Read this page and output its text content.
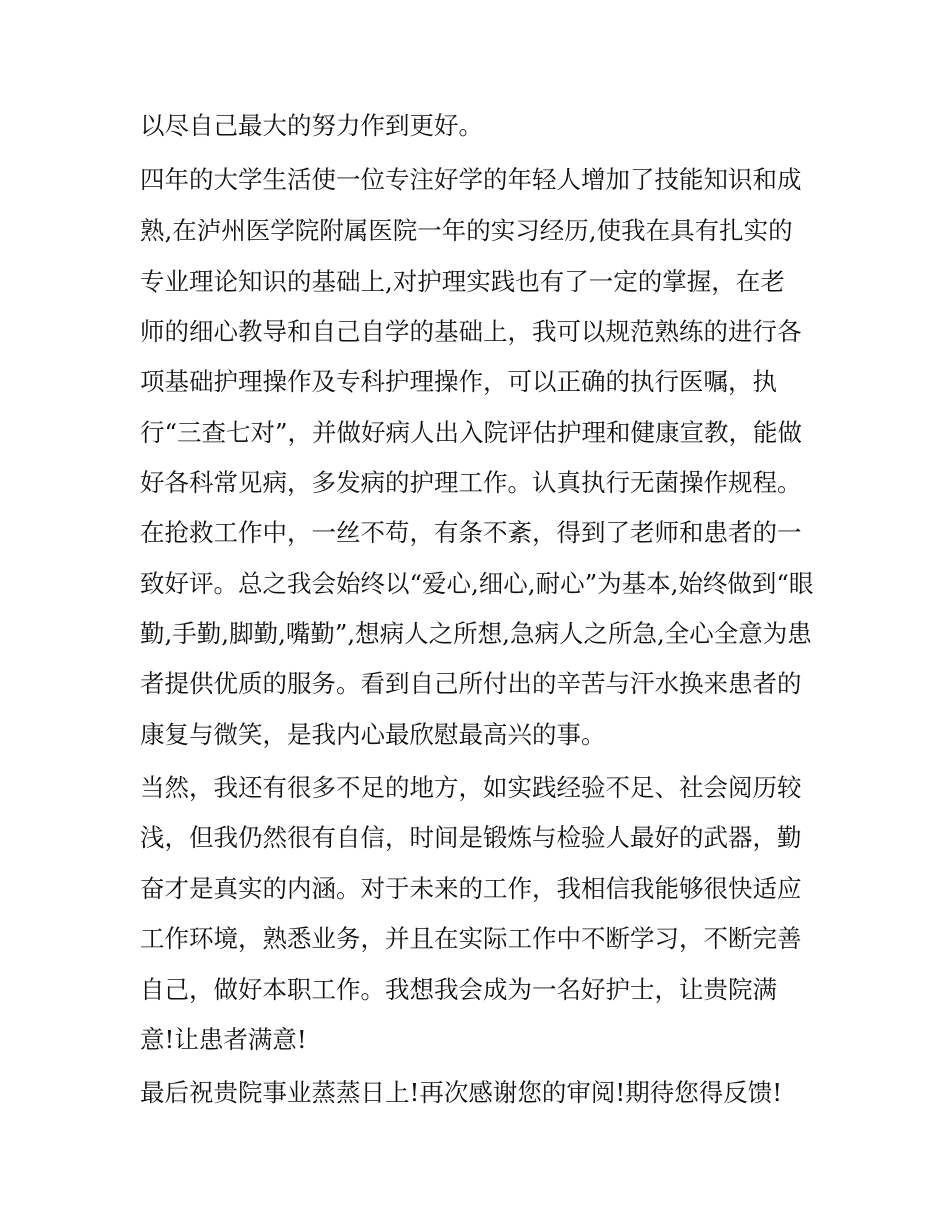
以尽自己最大的努力作到更好。
四年的大学生活使一位专注好学的年轻人增加了技能知识和成
熟,在泸州医学院附属医院一年的实习经历,使我在具有扎实的
专业理论知识的基础上,对护理实践也有了一定的掌握，在老
师的细心教导和自己自学的基础上，我可以规范熟练的进行各
项基础护理操作及专科护理操作，可以正确的执行医嘱，执
行“三查七对”，并做好病人出入院评估护理和健康宣教，能做
好各科常见病，多发病的护理工作。认真执行无菌操作规程。
在抢救工作中，一丝不苟，有条不紊，得到了老师和患者的一
致好评。总之我会始终以“爱心,细心,耐心”为基本,始终做到“眼
勤,手勤,脚勤,嘴勤”,想病人之所想,急病人之所急,全心全意为患
者提供优质的服务。看到自己所付出的辛苦与汗水换来患者的
康复与微笑，是我内心最欣慰最高兴的事。
当然，我还有很多不足的地方，如实践经验不足、社会阅历较
浅，但我仍然很有自信，时间是锻炼与检验人最好的武器，勤
奋才是真实的内涵。对于未来的工作，我相信我能够很快适应
工作环境，熟悉业务，并且在实际工作中不断学习，不断完善
自己，做好本职工作。我想我会成为一名好护士，让贵院满
意!让患者满意!
最后祝贵院事业蒸蒸日上!再次感谢您的审阅!期待您得反馈!
